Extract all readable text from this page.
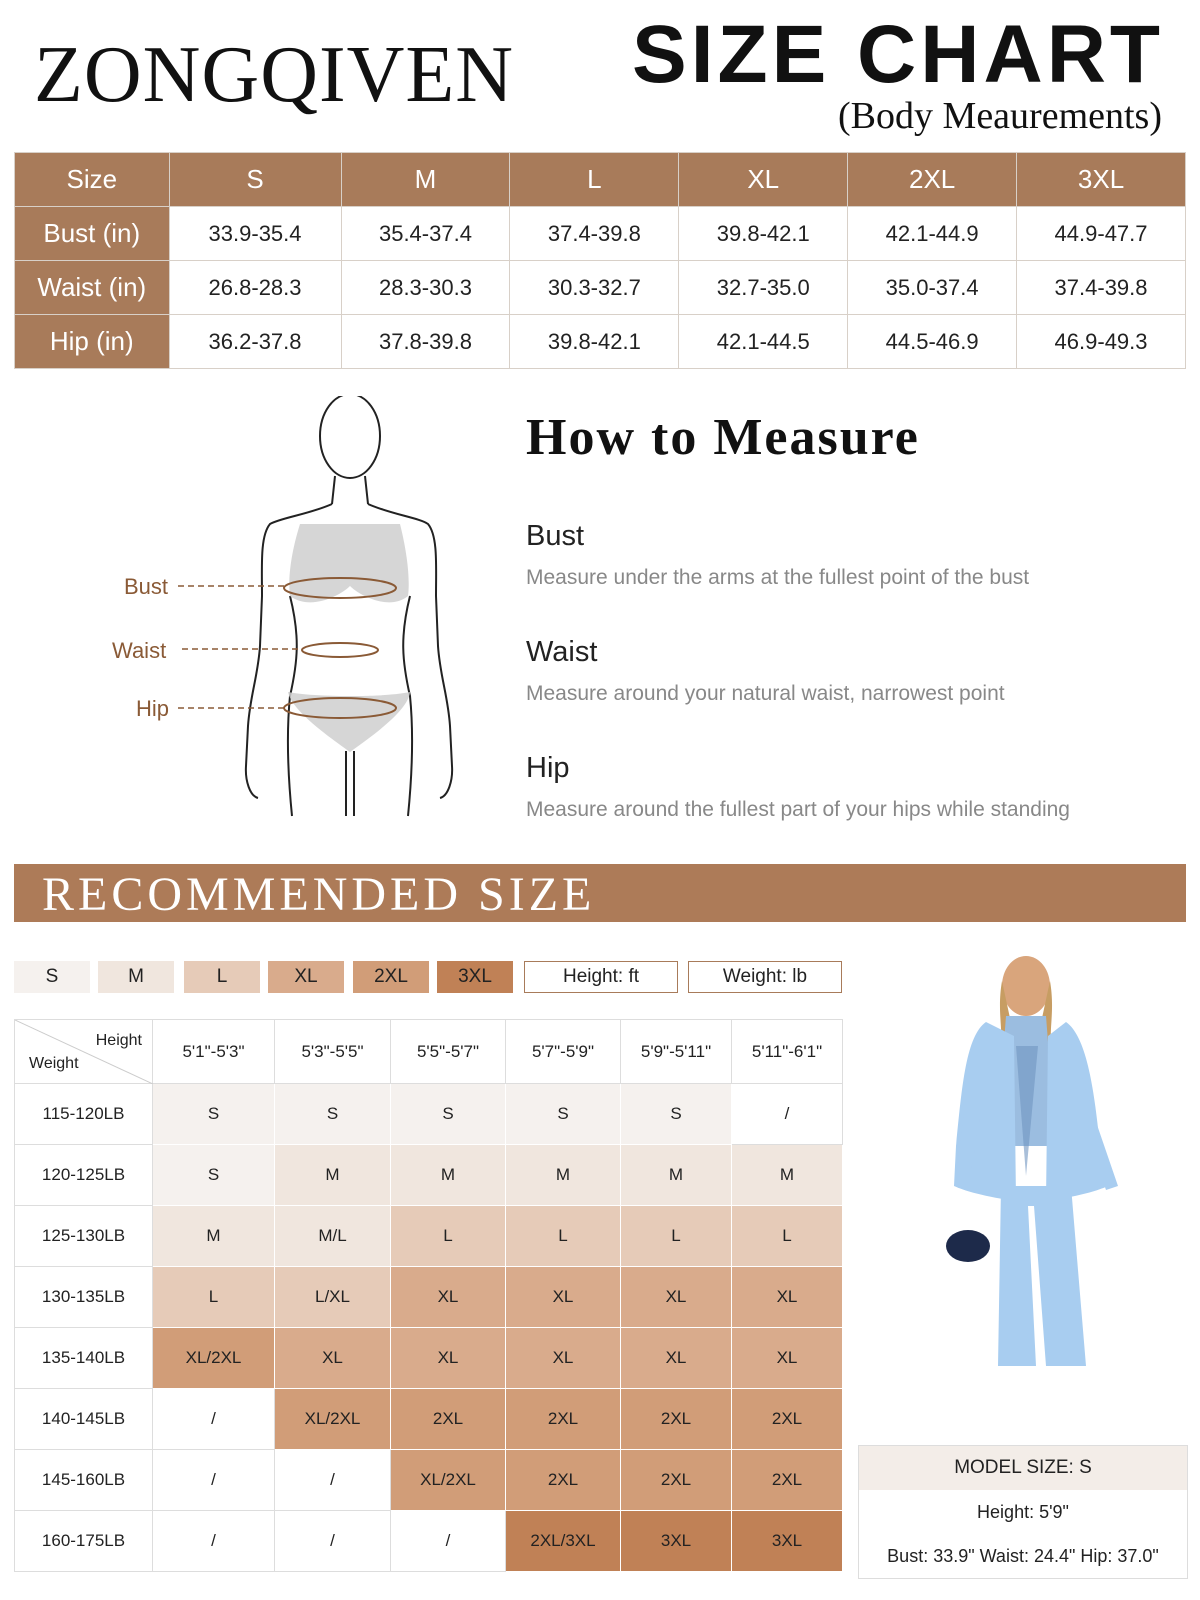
ZONGQIVEN SIZE CHART
(Body Meaurements)
Size	S	M	L	XL	2XL	3XL
Bust (in)	33.9-35.4	35.4-37.4	37.4-39.8	39.8-42.1	42.1-44.9	44.9-47.7
Waist (in)	26.8-28.3	28.3-30.3	30.3-32.7	32.7-35.0	35.0-37.4	37.4-39.8
Hip (in)	36.2-37.8	37.8-39.8	39.8-42.1	42.1-44.5	44.5-46.9	46.9-49.3
Bust
Waist
Hip
How to Measure
Bust
Measure under the arms at the fullest point of the bust
Waist
Measure around your natural waist, narrowest point
Hip
Measure around the fullest part of your hips while standing
RECOMMENDED SIZE
S	M	L	XL	2XL	3XL	Height: ft	Weight: lb
Height
Weight	5'1"-5'3"	5'3"-5'5"	5'5"-5'7"	5'7"-5'9"	5'9"-5'11"	5'11"-6'1"
115-120LB	S	S	S	S	S	/
120-125LB	S	M	M	M	M	M
125-130LB	M	M/L	L	L	L	L
130-135LB	L	L/XL	XL	XL	XL	XL
135-140LB	XL/2XL	XL	XL	XL	XL	XL
140-145LB	/	XL/2XL	2XL	2XL	2XL	2XL
145-160LB	/	/	XL/2XL	2XL	2XL	2XL
160-175LB	/	/	/	2XL/3XL	3XL	3XL
MODEL SIZE: S
Height: 5'9"
Bust: 33.9" Waist: 24.4" Hip: 37.0"
